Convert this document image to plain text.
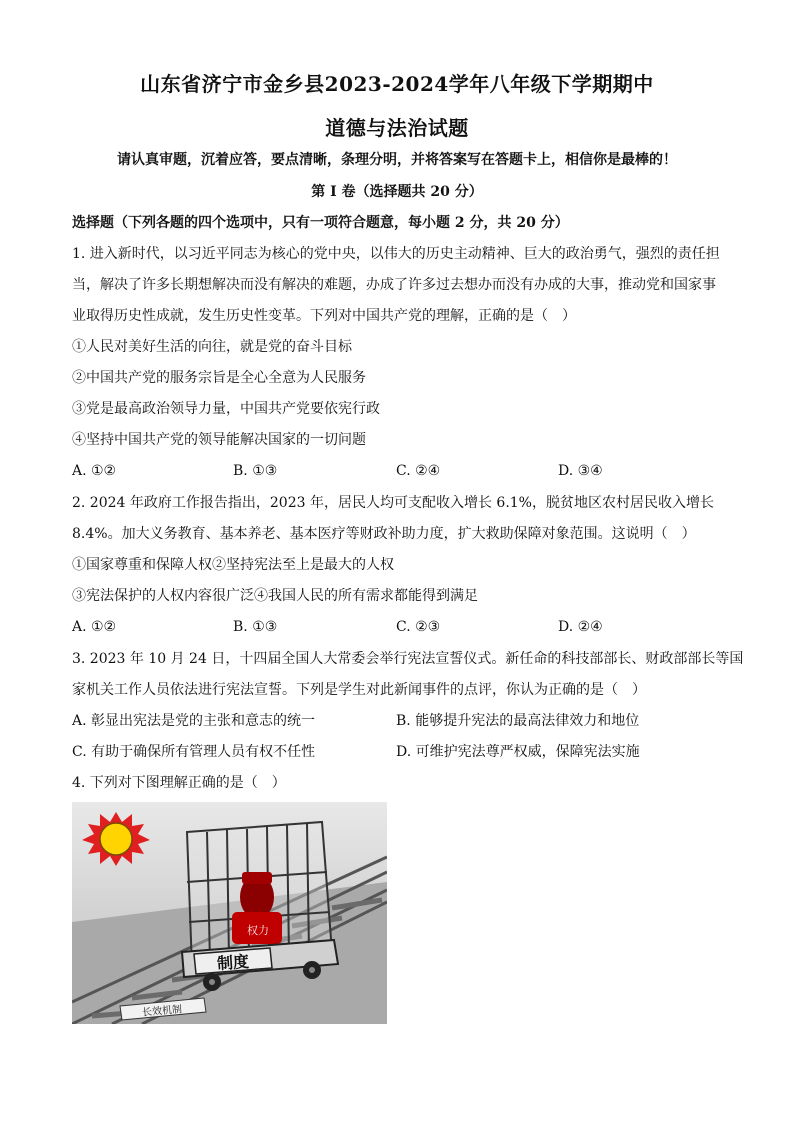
山东省济宁市金乡县2023-2024学年八年级下学期期中
道德与法治试题
请认真审题，沉着应答，要点清晰，条理分明，并将答案写在答题卡上，相信你是最棒的！
第 I 卷（选择题共 20 分）
选择题（下列各题的四个选项中，只有一项符合题意，每小题 2 分，共 20 分）
1. 进入新时代，以习近平同志为核心的党中央，以伟大的历史主动精神、巨大的政治勇气，强烈的责任担
当，解决了许多长期想解决而没有解决的难题，办成了许多过去想办而没有办成的大事，推动党和国家事
业取得历史性成就，发生历史性变革。下列对中国共产党的理解，正确的是（　）
①人民对美好生活的向往，就是党的奋斗目标
②中国共产党的服务宗旨是全心全意为人民服务
③党是最高政治领导力量，中国共产党要依宪行政
④坚持中国共产党的领导能解决国家的一切问题
A. ①②	B. ①③	C. ②④	D. ③④
2. 2024 年政府工作报告指出，2023 年，居民人均可支配收入增长 6.1%，脱贫地区农村居民收入增长
8.4%。加大义务教育、基本养老、基本医疗等财政补助力度，扩大救助保障对象范围。这说明（　）
①国家尊重和保障人权②坚持宪法至上是最大的人权
③宪法保护的人权内容很广泛④我国人民的所有需求都能得到满足
A. ①②	B. ①③	C. ②③	D. ②④
3. 2023 年 10 月 24 日，十四届全国人大常委会举行宪法宣誓仪式。新任命的科技部部长、财政部部长等国
家机关工作人员依法进行宪法宣誓。下列是学生对此新闻事件的点评，你认为正确的是（　）
A. 彰显出宪法是党的主张和意志的统一	B. 能够提升宪法的最高法律效力和地位
C. 有助于确保所有管理人员有权不任性	D. 可维护宪法尊严权威，保障宪法实施
4. 下列对下图理解正确的是（　）
长效机制
权力
制度
